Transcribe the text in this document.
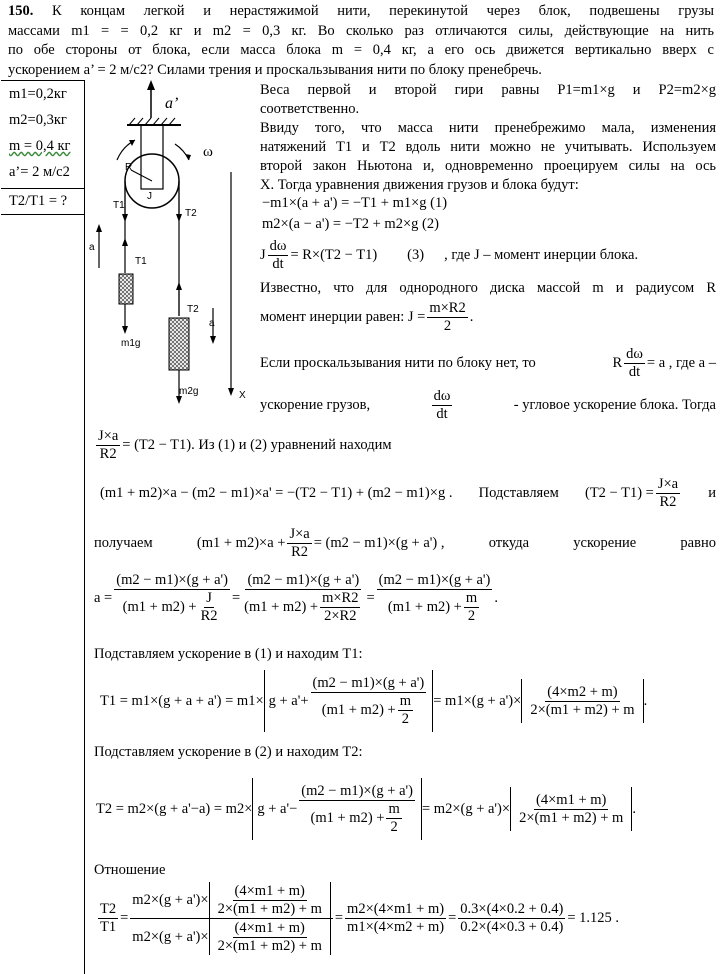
150. К концам легкой и нерастяжимой нити, перекинутой через блок, подвешены грузы

массами m1 = = 0,2 кг и m2 = 0,3 кг. Во сколько раз отличаются силы, действующие на нить

по обе стороны от блока, если масса блока m = 0,4 кг, а его ось движется вертикально вверх с

ускорением a’ = 2 м/с2? Силами трения и проскальзывания нити по блоку пренебречь.

m1=0,2кг
m2=0,3кг
m = 0,4 кг
a’= 2 м/с2
T2/T1 = ?
a’
R
J
ω
T1
T2
a
T1
m1g
T2
a
m2g	X
Веса первой и второй гири равны P1=m1×g и P2=m2×g
соответственно.
Ввиду того, что масса нити пренебрежимо мала, изменения
натяжений T1 и T2 вдоль нити можно не учитывать. Используем
второй закон Ньютона и, одновременно проецируем силы на ось
X. Тогда уравнения движения грузов и блока будут:
−m1×(a + a') = −T1 + m1×g (1)
m2×(a − a') = −T2 + m2×g (2)
J $\frac{d\omega}{dt} = R\times(T2 - T1)$ (3) , где J – момент инерции блока.
Известно, что для однородного диска массой m и радиусом R
момент инерции равен:
$J = \frac{m\times R2}{2}$ .
Если проскальзывания нити по блоку нет, то	R $\frac{d\omega}{dt} = a$ , где a –
ускорение грузов,	$\frac{d\omega}{dt}$	- угловое ускорение блока. Тогда
$\frac{J\times a}{R2} = (T2 - T1)$. Из (1) и (2) уравнений находим
(m1 + m2)×a − (m2 − m1)×a' = −(T2 − T1) + (m2 − m1)×g . Подставляем $(T2 - T1) = \frac{J\times a}{R2}$ и
получаем	$(m1 + m2)\times a + \frac{J\times a}{R2} = (m2 - m1)\times(g + a')$ ,	откуда	ускорение	равно
$a = \frac{(m2 - m1)\times(g + a')}{(m1 + m2) + \frac{J}{R2}} = \frac{(m2 - m1)\times(g + a')}{(m1 + m2) + \frac{m\times R2}{2\times R2}} = \frac{(m2 - m1)\times(g + a')}{(m1 + m2) + \frac{m}{2}}$ .
Подставляем ускорение в (1) и находим T1:
$T1 = m1\times(g + a + a') = m1\times g + a'+ \frac{(m2 - m1)\times(g + a')}{(m1 + m2) + \frac{m}{2}} = m1\times(g + a')\times \frac{(4\times m2 + m)}{2\times(m1 + m2) + m}$ .
Подставляем ускорение в (2) и находим T2:
$T2 = m2\times(g + a'-a) = m2\times g + a'- \frac{(m2 - m1)\times(g + a')}{(m1 + m2) + \frac{m}{2}} = m2\times(g + a')\times \frac{(4\times m1 + m)}{2\times(m1 + m2) + m}$ .
Отношение
$\frac{T2}{T1} = \frac{m2\times(g + a')\times \frac{(4\times m1 + m)}{2\times(m1 + m2) + m}}{m2\times(g + a')\times \frac{(4\times m1 + m)}{2\times(m1 + m2) + m}} = \frac{m2\times(4\times m1 + m)}{m1\times(4\times m2 + m)} = \frac{0.3\times(4\times 0.2 + 0.4)}{0.2\times(4\times 0.3 + 0.4)} = 1.125$ .
